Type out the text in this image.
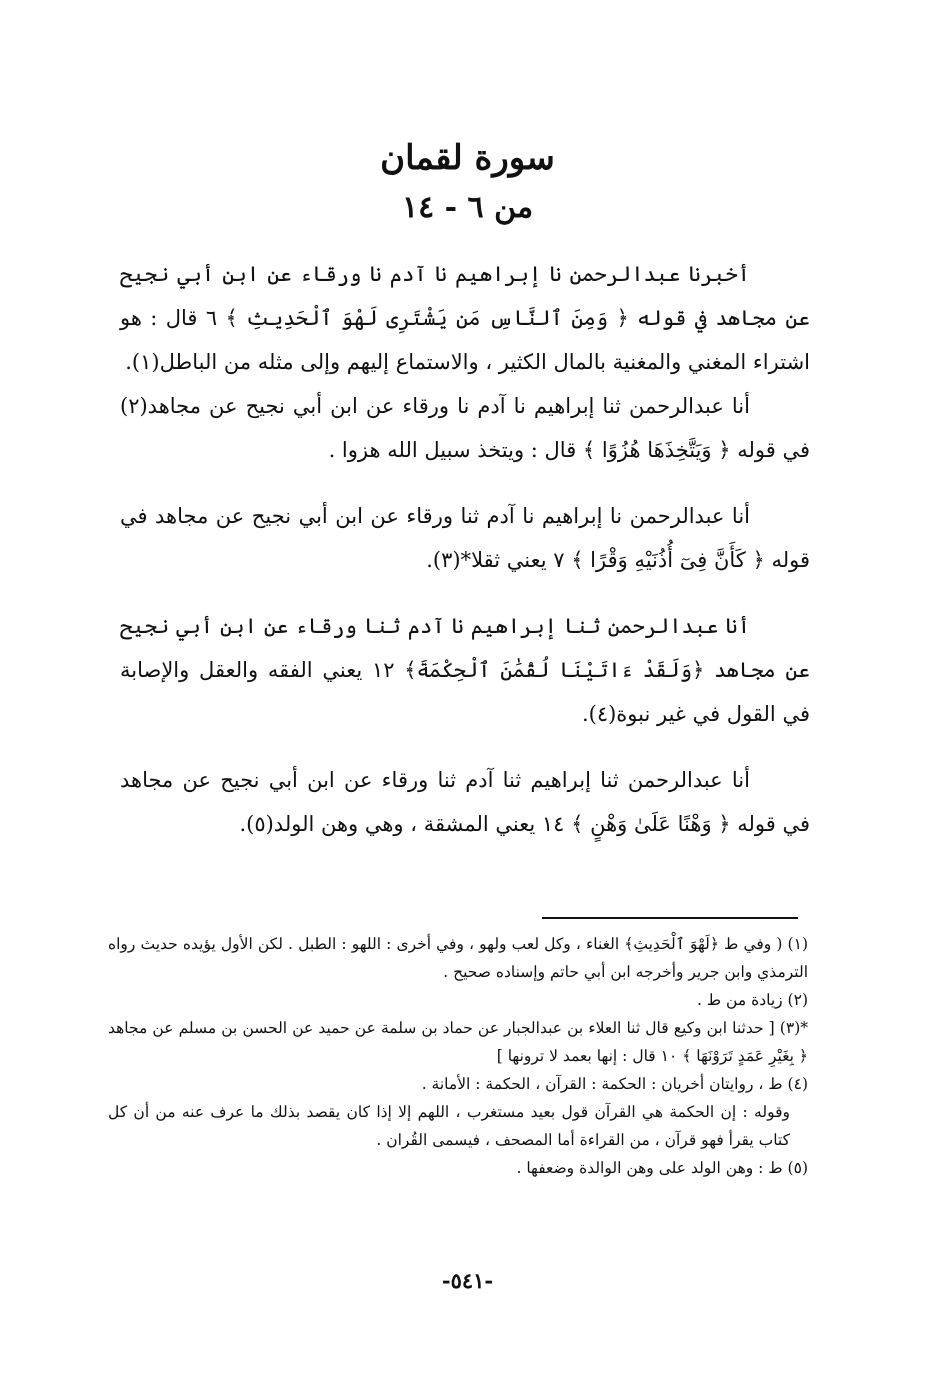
سورة لقمان
من ٦ - ١٤

أخبرنا عبدالرحمن نا إبراهيم نا آدم نا ورقاء عن ابن أبي نجيح عن مجاهد في قوله ﴿ وَمِنَ ٱلنَّاسِ مَن يَشْتَرِى لَهْوَ ٱلْحَدِيثِ ﴾ ٦ قال : هو اشتراء المغني والمغنية بالمال الكثير ، والاستماع إليهم وإلى مثله من الباطل(١).

أنا عبدالرحمن ثنا إبراهيم نا آدم نا ورقاء عن ابن أبي نجيح عن مجاهد(٢) في قوله ﴿ وَيَتَّخِذَهَا هُزُوًا ﴾ قال : ويتخذ سبيل الله هزوا .

أنا عبدالرحمن نا إبراهيم نا آدم ثنا ورقاء عن ابن أبي نجيح عن مجاهد في قوله ﴿ كَأَنَّ فِىٓ أُذُنَيْهِ وَقْرًا ﴾ ٧ يعني ثقلا*(٣).

أنا عبدالرحمن ثنا إبراهيم نا آدم ثنا ورقاء عن ابن أبي نجيح عن مجاهد ﴿وَلَقَدْ ءَاتَيْنَا لُقْمَٰنَ ٱلْحِكْمَةَ﴾ ١٢ يعني الفقه والعقل والإصابة في القول في غير نبوة(٤).

أنا عبدالرحمن ثنا إبراهيم ثنا آدم ثنا ورقاء عن ابن أبي نجيح عن مجاهد في قوله ﴿ وَهْنًا عَلَىٰ وَهْنٍ ﴾ ١٤ يعني المشقة ، وهي وهن الولد(٥).

(١) ( وفي ط ﴿لَهْوَ ٱلْحَدِيثِ﴾ الغناء ، وكل لعب ولهو ، وفي أخرى : اللهو : الطبل . لكن الأول يؤيده حديث رواه الترمذي وابن جرير وأخرجه ابن أبي حاتم وإسناده صحيح .

(٢) زيادة من ط .

*(٣) [ حدثنا ابن وكيع قال ثنا العلاء بن عبدالجبار عن حماد بن سلمة عن حميد عن الحسن بن مسلم عن مجاهد ﴿ بِغَيْرِ عَمَدٍ تَرَوْنَهَا ﴾ ١٠ قال : إنها بعمد لا ترونها ]

(٤) ط ، روايتان أخريان : الحكمة : القرآن ، الحكمة : الأمانة .

وقوله : إن الحكمة هي القرآن قول بعيد مستغرب ، اللهم إلا إذا كان يقصد بذلك ما عرف عنه من أن كل كتاب يقرأ فهو قرآن ، من القراءة أما المصحف ، فيسمى القُران .

(٥) ط : وهن الولد على وهن الوالدة وضعفها .

-٥٤١-
